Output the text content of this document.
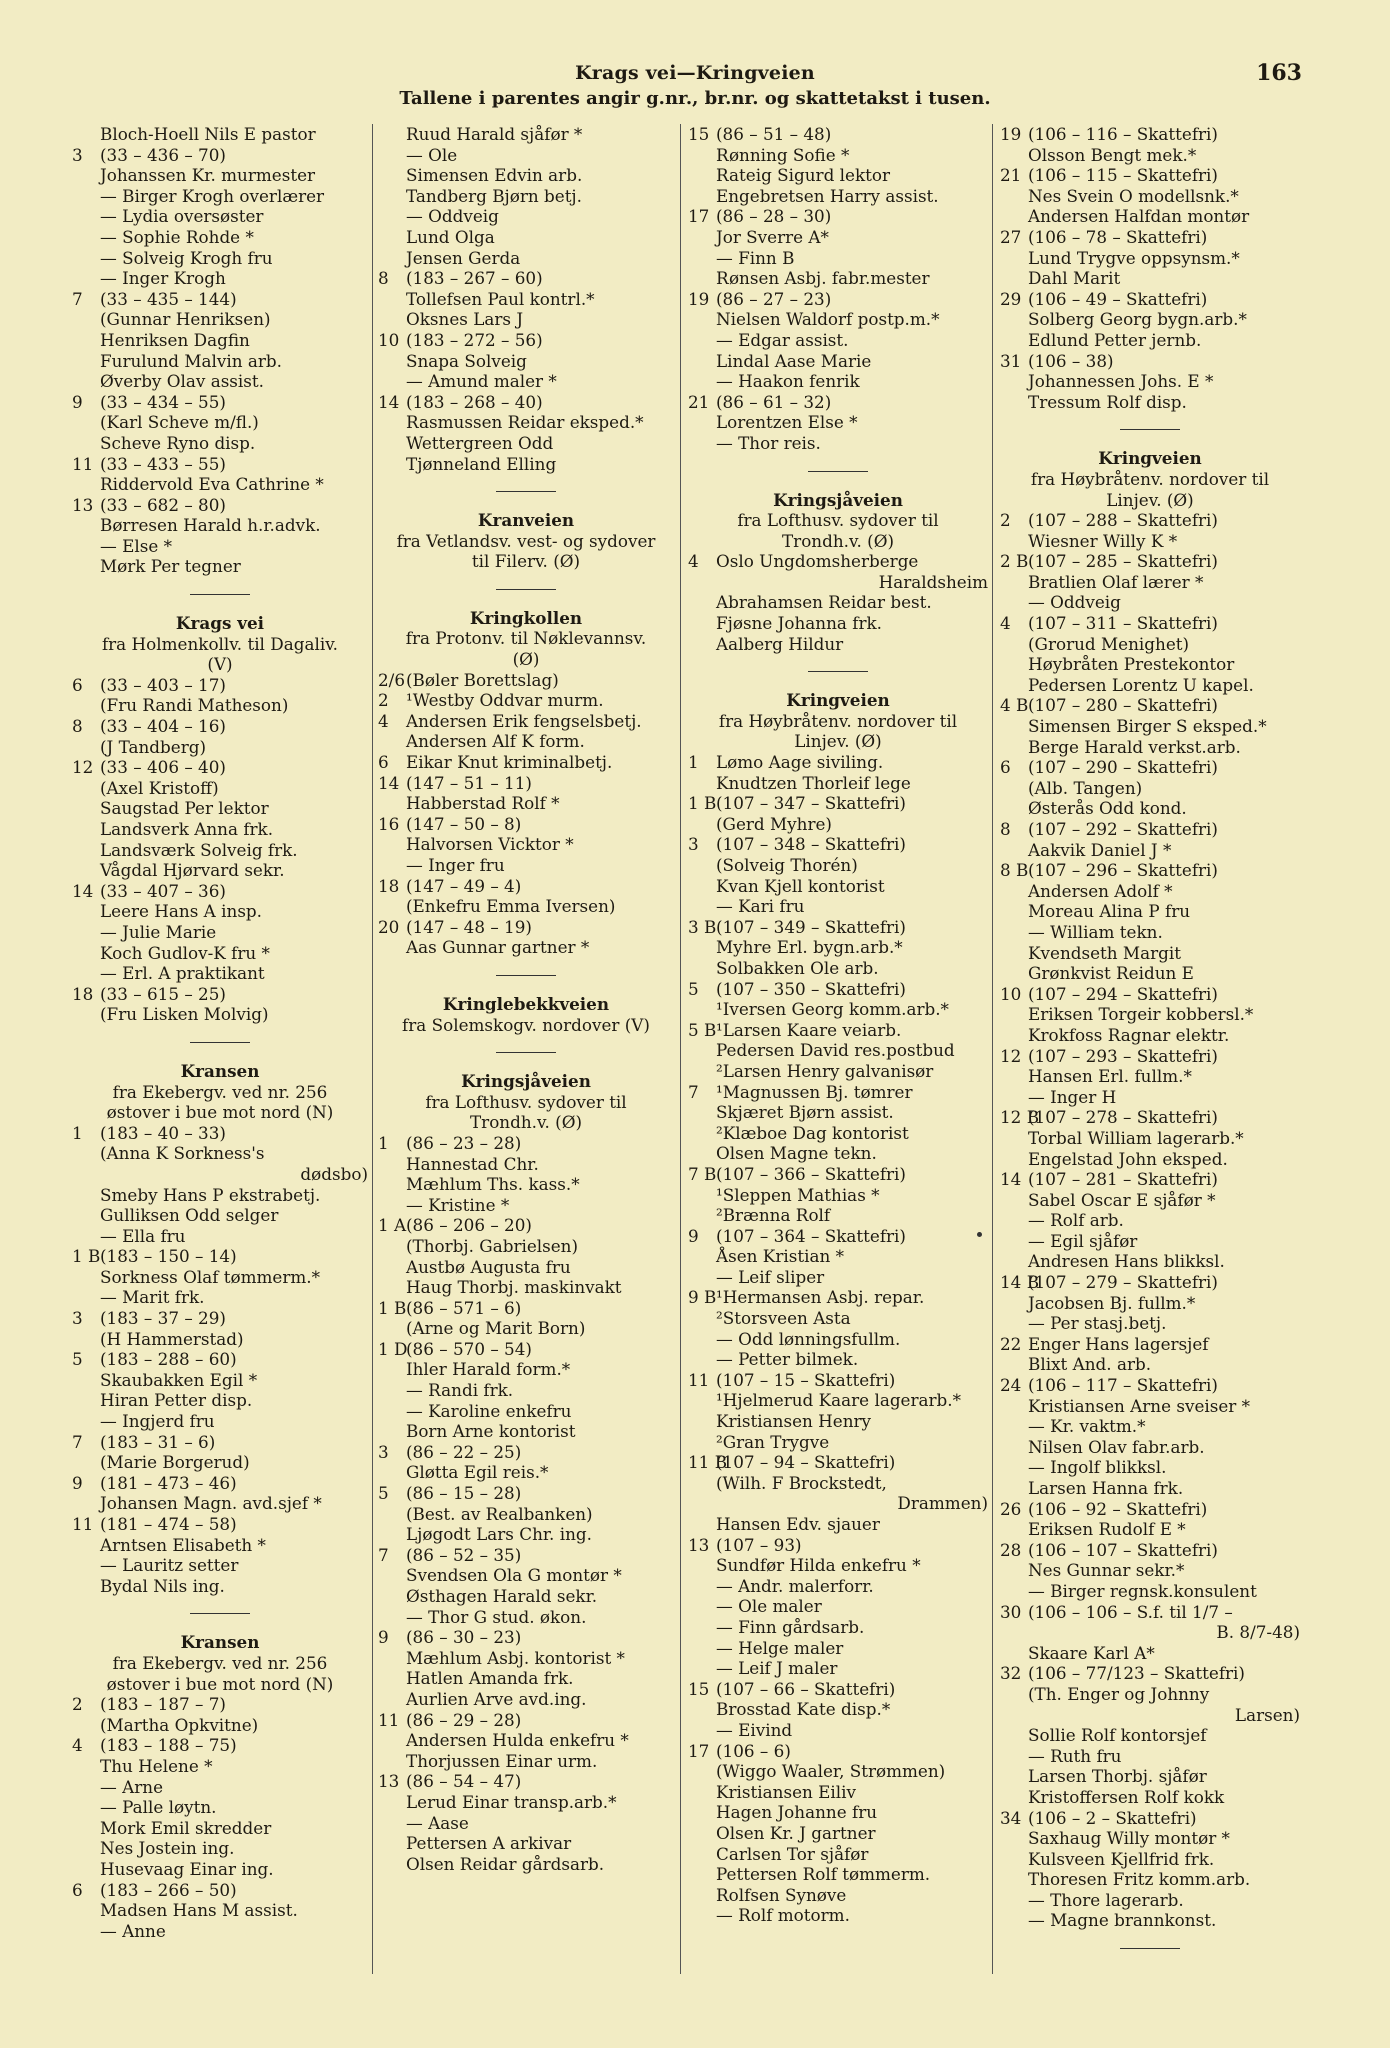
Krags vei—Kringveien
Tallene i parentes angir g.nr., br.nr. og skattetakst i tusen.
163
Bloch-Hoell Nils E pastor
3 (33 – 436 – 70)
Johanssen Kr. murmester
— Birger Krogh overlærer
— Lydia oversøster
— Sophie Rohde *
— Solveig Krogh fru
— Inger Krogh
7 (33 – 435 – 144)
(Gunnar Henriksen)
Henriksen Dagfin
Furulund Malvin arb.
Øverby Olav assist.
9 (33 – 434 – 55)
(Karl Scheve m/fl.)
Scheve Ryno disp.
11 (33 – 433 – 55)
Riddervold Eva Cathrine *
13 (33 – 682 – 80)
Børresen Harald h.r.advk.
— Else *
Mørk Per tegner
Krags vei
fra Holmenkollv. til Dagaliv.
(V)
6 (33 – 403 – 17)
(Fru Randi Matheson)
8 (33 – 404 – 16)
(J Tandberg)
12 (33 – 406 – 40)
(Axel Kristoff)
Saugstad Per lektor
Landsverk Anna frk.
Landsværk Solveig frk.
Vågdal Hjørvard sekr.
14 (33 – 407 – 36)
Leere Hans A insp.
— Julie Marie
Koch Gudlov-K fru *
— Erl. A praktikant
18 (33 – 615 – 25)
(Fru Lisken Molvig)
Kransen
fra Ekebergv. ved nr. 256
østover i bue mot nord (N)
1 (183 – 40 – 33)
(Anna K Sorkness's
dødsbo)
Smeby Hans P ekstrabetj.
Gulliksen Odd selger
— Ella fru
1 B(183 – 150 – 14)
Sorkness Olaf tømmerm.*
— Marit frk.
3 (183 – 37 – 29)
(H Hammerstad)
5 (183 – 288 – 60)
Skaubakken Egil *
Hiran Petter disp.
— Ingjerd fru
7 (183 – 31 – 6)
(Marie Borgerud)
9 (181 – 473 – 46)
Johansen Magn. avd.sjef *
11 (181 – 474 – 58)
Arntsen Elisabeth *
— Lauritz setter
Bydal Nils ing.
Kransen
fra Ekebergv. ved nr. 256
østover i bue mot nord (N)
2 (183 – 187 – 7)
(Martha Opkvitne)
4 (183 – 188 – 75)
Thu Helene *
— Arne
— Palle løytn.
Mork Emil skredder
Nes Jostein ing.
Husevaag Einar ing.
6 (183 – 266 – 50)
Madsen Hans M assist.
— Anne
Ruud Harald sjåfør *
— Ole
Simensen Edvin arb.
Tandberg Bjørn betj.
— Oddveig
Lund Olga
Jensen Gerda
8 (183 – 267 – 60)
Tollefsen Paul kontrl.*
Oksnes Lars J
10 (183 – 272 – 56)
Snapa Solveig
— Amund maler *
14 (183 – 268 – 40)
Rasmussen Reidar eksped.*
Wettergreen Odd
Tjønneland Elling
Kranveien
fra Vetlandsv. vest- og sydover
til Filerv. (Ø)
Kringkollen
fra Protonv. til Nøklevannsv.
(Ø)
2/6(Bøler Borettslag)
2 ¹Westby Oddvar murm.
4 Andersen Erik fengselsbetj.
Andersen Alf K form.
6 Eikar Knut kriminalbetj.
14 (147 – 51 – 11)
Habberstad Rolf *
16 (147 – 50 – 8)
Halvorsen Vicktor *
— Inger fru
18 (147 – 49 – 4)
(Enkefru Emma Iversen)
20 (147 – 48 – 19)
Aas Gunnar gartner *
Kringlebekkveien
fra Solemskogv. nordover (V)
Kringsjåveien
fra Lofthusv. sydover til
Trondh.v. (Ø)
1 (86 – 23 – 28)
Hannestad Chr.
Mæhlum Ths. kass.*
— Kristine *
1 A(86 – 206 – 20)
(Thorbj. Gabrielsen)
Austbø Augusta fru
Haug Thorbj. maskinvakt
1 B(86 – 571 – 6)
(Arne og Marit Born)
1 D(86 – 570 – 54)
Ihler Harald form.*
— Randi frk.
— Karoline enkefru
Born Arne kontorist
3 (86 – 22 – 25)
Gløtta Egil reis.*
5 (86 – 15 – 28)
(Best. av Realbanken)
Ljøgodt Lars Chr. ing.
7 (86 – 52 – 35)
Svendsen Ola G montør *
Østhagen Harald sekr.
— Thor G stud. økon.
9 (86 – 30 – 23)
Mæhlum Asbj. kontorist *
Hatlen Amanda frk.
Aurlien Arve avd.ing.
11 (86 – 29 – 28)
Andersen Hulda enkefru *
Thorjussen Einar urm.
13 (86 – 54 – 47)
Lerud Einar transp.arb.*
— Aase
Pettersen A arkivar
Olsen Reidar gårdsarb.
15 (86 – 51 – 48)
Rønning Sofie *
Rateig Sigurd lektor
Engebretsen Harry assist.
17 (86 – 28 – 30)
Jor Sverre A*
— Finn B
Rønsen Asbj. fabr.mester
19 (86 – 27 – 23)
Nielsen Waldorf postp.m.*
— Edgar assist.
Lindal Aase Marie
— Haakon fenrik
21 (86 – 61 – 32)
Lorentzen Else *
— Thor reis.
Kringsjåveien
fra Lofthusv. sydover til
Trondh.v. (Ø)
4 Oslo Ungdomsherberge
Haraldsheim
Abrahamsen Reidar best.
Fjøsne Johanna frk.
Aalberg Hildur
Kringveien
fra Høybråtenv. nordover til
Linjev. (Ø)
1 Lømo Aage siviling.
Knudtzen Thorleif lege
1 B(107 – 347 – Skattefri)
(Gerd Myhre)
3 (107 – 348 – Skattefri)
(Solveig Thorén)
Kvan Kjell kontorist
— Kari fru
3 B(107 – 349 – Skattefri)
Myhre Erl. bygn.arb.*
Solbakken Ole arb.
5 (107 – 350 – Skattefri)
¹Iversen Georg komm.arb.*
5 B¹Larsen Kaare veiarb.
Pedersen David res.postbud
²Larsen Henry galvanisør
7 ¹Magnussen Bj. tømrer
Skjæret Bjørn assist.
²Klæboe Dag kontorist
Olsen Magne tekn.
7 B(107 – 366 – Skattefri)
¹Sleppen Mathias *
²Brænna Rolf
9 (107 – 364 – Skattefri)
Åsen Kristian *
— Leif sliper
9 B¹Hermansen Asbj. repar.
²Storsveen Asta
— Odd lønningsfullm.
— Petter bilmek.
11 (107 – 15 – Skattefri)
¹Hjelmerud Kaare lagerarb.*
Kristiansen Henry
²Gran Trygve
11 B(107 – 94 – Skattefri)
(Wilh. F Brockstedt,
Drammen)
Hansen Edv. sjauer
13 (107 – 93)
Sundfør Hilda enkefru *
— Andr. malerforr.
— Ole maler
— Finn gårdsarb.
— Helge maler
— Leif J maler
15 (107 – 66 – Skattefri)
Brosstad Kate disp.*
— Eivind
17 (106 – 6)
(Wiggo Waaler, Strømmen)
Kristiansen Eiliv
Hagen Johanne fru
Olsen Kr. J gartner
Carlsen Tor sjåfør
Pettersen Rolf tømmerm.
Rolfsen Synøve
— Rolf motorm.
19 (106 – 116 – Skattefri)
Olsson Bengt mek.*
21 (106 – 115 – Skattefri)
Nes Svein O modellsnk.*
Andersen Halfdan montør
27 (106 – 78 – Skattefri)
Lund Trygve oppsynsm.*
Dahl Marit
29 (106 – 49 – Skattefri)
Solberg Georg bygn.arb.*
Edlund Petter jernb.
31 (106 – 38)
Johannessen Johs. E *
Tressum Rolf disp.
Kringveien
fra Høybråtenv. nordover til
Linjev. (Ø)
2 (107 – 288 – Skattefri)
Wiesner Willy K *
2 B(107 – 285 – Skattefri)
Bratlien Olaf lærer *
— Oddveig
4 (107 – 311 – Skattefri)
(Grorud Menighet)
Høybråten Prestekontor
Pedersen Lorentz U kapel.
4 B(107 – 280 – Skattefri)
Simensen Birger S eksped.*
Berge Harald verkst.arb.
6 (107 – 290 – Skattefri)
(Alb. Tangen)
Østerås Odd kond.
8 (107 – 292 – Skattefri)
Aakvik Daniel J *
8 B(107 – 296 – Skattefri)
Andersen Adolf *
Moreau Alina P fru
— William tekn.
Kvendseth Margit
Grønkvist Reidun E
10 (107 – 294 – Skattefri)
Eriksen Torgeir kobbersl.*
Krokfoss Ragnar elektr.
12 (107 – 293 – Skattefri)
Hansen Erl. fullm.*
— Inger H
12 B(107 – 278 – Skattefri)
Torbal William lagerarb.*
Engelstad John eksped.
14 (107 – 281 – Skattefri)
Sabel Oscar E sjåfør *
— Rolf arb.
— Egil sjåfør
Andresen Hans blikksl.
14 B(107 – 279 – Skattefri)
Jacobsen Bj. fullm.*
— Per stasj.betj.
22 Enger Hans lagersjef
Blixt And. arb.
24 (106 – 117 – Skattefri)
Kristiansen Arne sveiser *
— Kr. vaktm.*
Nilsen Olav fabr.arb.
— Ingolf blikksl.
Larsen Hanna frk.
26 (106 – 92 – Skattefri)
Eriksen Rudolf E *
28 (106 – 107 – Skattefri)
Nes Gunnar sekr.*
— Birger regnsk.konsulent
30 (106 – 106 – S.f. til 1/7 –
B. 8/7-48)
Skaare Karl A*
32 (106 – 77/123 – Skattefri)
(Th. Enger og Johnny
Larsen)
Sollie Rolf kontorsjef
— Ruth fru
Larsen Thorbj. sjåfør
Kristoffersen Rolf kokk
34 (106 – 2 – Skattefri)
Saxhaug Willy montør *
Kulsveen Kjellfrid frk.
Thoresen Fritz komm.arb.
— Thore lagerarb.
— Magne brannkonst.
